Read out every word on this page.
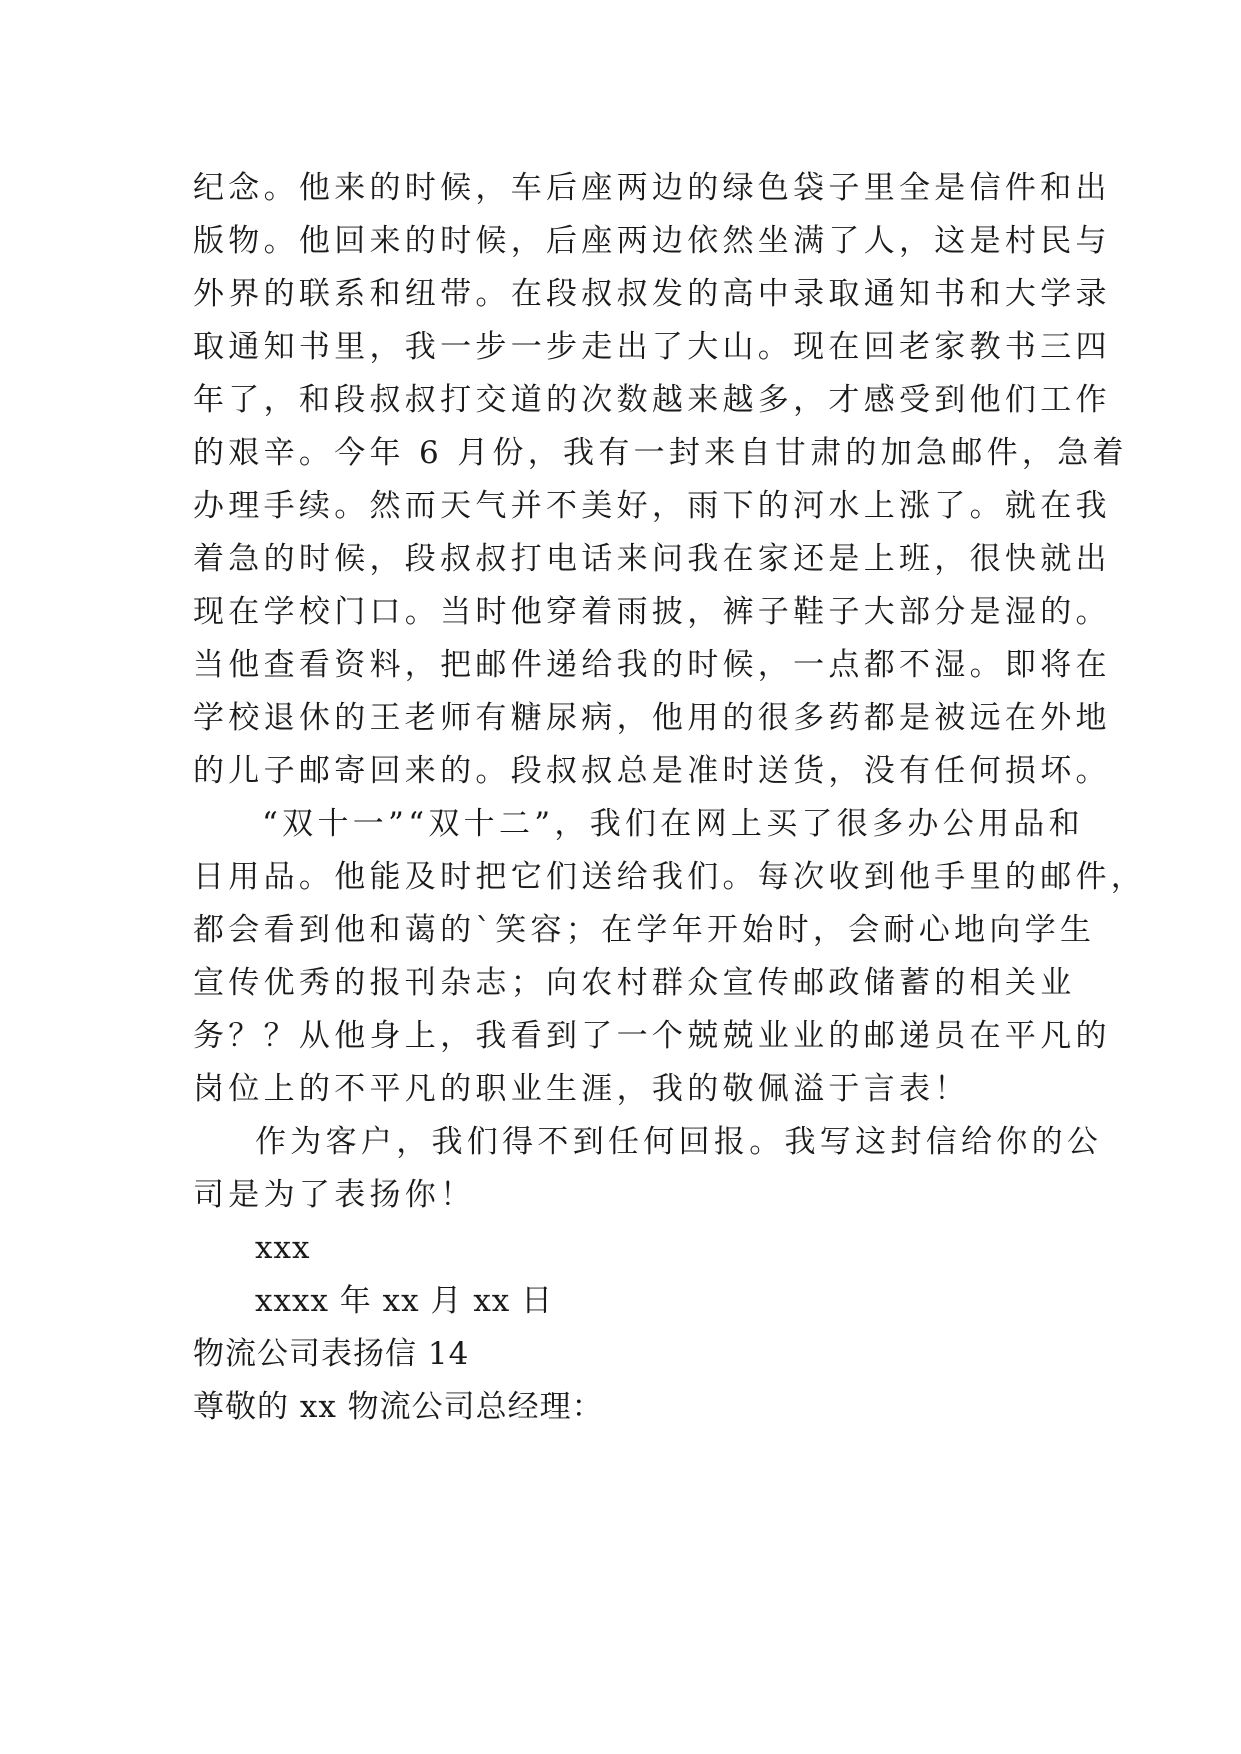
纪念。他来的时候，车后座两边的绿色袋子里全是信件和出
版物。他回来的时候，后座两边依然坐满了人，这是村民与
外界的联系和纽带。在段叔叔发的高中录取通知书和大学录
取通知书里，我一步一步走出了大山。现在回老家教书三四
年了，和段叔叔打交道的次数越来越多，才感受到他们工作
的艰辛。今年 6 月份，我有一封来自甘肃的加急邮件，急着
办理手续。然而天气并不美好，雨下的河水上涨了。就在我
着急的时候，段叔叔打电话来问我在家还是上班，很快就出
现在学校门口。当时他穿着雨披，裤子鞋子大部分是湿的。
当他查看资料，把邮件递给我的时候，一点都不湿。即将在
学校退休的王老师有糖尿病，他用的很多药都是被远在外地
的儿子邮寄回来的。段叔叔总是准时送货，没有任何损坏。
“双十一”“双十二”，我们在网上买了很多办公用品和
日用品。他能及时把它们送给我们。每次收到他手里的邮件，
都会看到他和蔼的`笑容；在学年开始时，会耐心地向学生
宣传优秀的报刊杂志；向农村群众宣传邮政储蓄的相关业
务？？从他身上，我看到了一个兢兢业业的邮递员在平凡的
岗位上的不平凡的职业生涯，我的敬佩溢于言表！
作为客户，我们得不到任何回报。我写这封信给你的公
司是为了表扬你！
xxx
xxxx 年 xx 月 xx 日
物流公司表扬信 14
尊敬的 xx 物流公司总经理：
